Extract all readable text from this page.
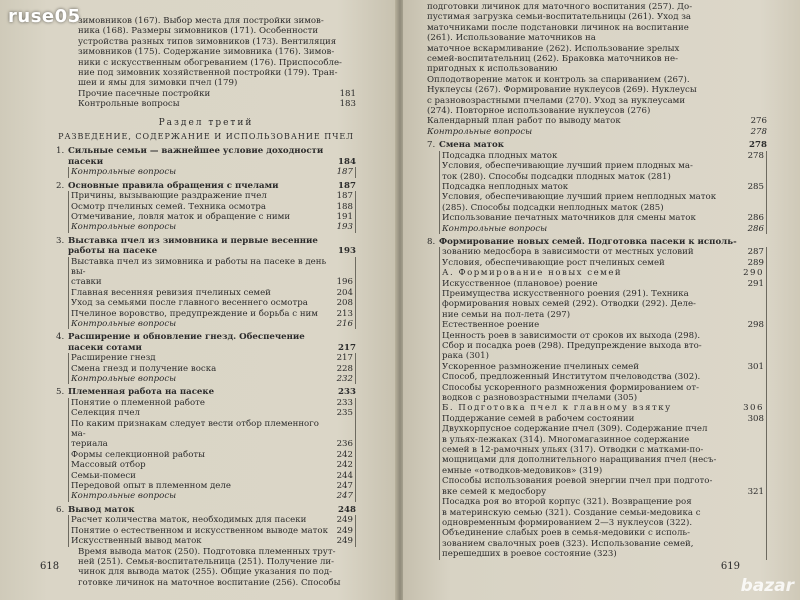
зимовников (167). Выбор места для постройки зимов-
ника (168). Размеры зимовников (171). Особенности
устройства разных типов зимовников (173). Вентиляция
зимовников (175). Содержание зимовника (176). Зимов-
ники с искусственным обогреванием (176). Приспособле-
ние под зимовник хозяйственной постройки (179). Тран-
шеи и ямы для зимовки пчел (179)
Прочие пасечные постройки	181
Контрольные вопросы	183
Раздел третий
РАЗВЕДЕНИЕ, СОДЕРЖАНИЕ И ИСПОЛЬЗОВАНИЕ ПЧЕЛ
1. Сильные семьи — важнейшее условие доходности пасеки	184
Контрольные вопросы	187
2. Основные правила обращения с пчелами	187
Причины, вызывающие раздражение пчел	187
Осмотр пчелиных семей. Техника осмотра	188
Отмечивание, ловля маток и обращение с ними	191
Контрольные вопросы	193
3. Выставка пчел из зимовника и первые весенние работы на пасеке	193
Выставка пчел из зимовника и работы на пасеке в день вы-
ставки	196
Главная весенняя ревизия пчелиных семей	204
Уход за семьями после главного весеннего осмотра	208
Пчелиное воровство, предупреждение и борьба с ним	213
Контрольные вопросы	216
4. Расширение и обновление гнезд. Обеспечение пасеки сотами	217
Расширение гнезд	217
Смена гнезд и получение воска	228
Контрольные вопросы	232
5. Племенная работа на пасеке	233
Понятие о племенной работе	233
Селекция пчел	235
По каким признакам следует вести отбор племенного ма-
териала	236
Формы селекционной работы	242
Массовый отбор	242
Семьи-помеси	244
Передовой опыт в племенном деле	247
Контрольные вопросы	247
6. Вывод маток	248
Расчет количества маток, необходимых для пасеки	249
Понятие о естественном и искусственном выводе маток	249
Искусственный вывод маток	249
Время вывода маток (250). Подготовка племенных трут-
ней (251). Семья-воспитательница (251). Получение ли-
чинок для вывода маток (255). Общие указания по под-
готовке личинок на маточное воспитание (256). Способы
618
подготовки личинок для маточного воспитания (257). До-
пустимая загрузка семьи-воспитательницы (261). Уход за
маточниками после подстановки личинок на воспитание
(261). Использование маточников на
маточное вскармливание (262). Использование зрелых
семей-воспитательниц (262). Браковка маточников не-
пригодных к использованию
Оплодотворение маток и контроль за спариванием (267).
Нуклеусы (267). Формирование нуклеусов (269). Нуклеусы
с разновозрастными пчелами (270). Уход за нуклеусами
(274). Повторное использование нуклеусов (276)
Календарный план работ по выводу маток	276
Контрольные вопросы	278
7. Смена маток	278
Подсадка плодных маток	278
Условия, обеспечивающие лучший прием плодных ма-
ток (280). Способы подсадки плодных маток (281)
Подсадка неплодных маток	285
Условия, обеспечивающие лучший прием неплодных маток
(285). Способы подсадки неплодных маток (285)
Использование печатных маточников для смены маток	286
Контрольные вопросы	286
8. Формирование новых семей. Подготовка пасеки к исполь-
зованию медосбора в зависимости от местных условий	287
Условия, обеспечивающие рост пчелиных семей	289
А. Формирование новых семей	290
Искусственное (плановое) роение	291
Преимущества искусственного роения (291). Техника
формирования новых семей (292). Отводки (292). Деле-
ние семьи на пол-лета (297)
Естественное роение	298
Ценность роев в зависимости от сроков их выхода (298).
Сбор и посадка роев (298). Предупреждение выхода вто-
рака (301)
Ускоренное размножение пчелиных семей	301
Способ, предложенный Институтом пчеловодства (302).
Способы ускоренного размножения формированием от-
водков с разновозрастными пчелами (305)
Б. Подготовка пчел к главному взятку	306
Поддержание семей в рабочем состоянии	308
Двухкорпусное содержание пчел (309). Содержание пчел
в ульях-лежаках (314). Многомагазинное содержание
семей в 12-рамочных ульях (317). Отводки с матками-по-
мощницами для дополнительного наращивания пчел (несъ-
емные «отводков-медовиков» (319)
Способы использования роевой энергии пчел при подгото-
вке семей к медосбору	321
Посадка роя во второй корпус (321). Возвращение роя
в материнскую семью (321). Создание семьи-медовика с
одновременным формированием 2—3 нуклеусов (322).
Объединение слабых роев в семья-медовики с исполь-
зованием свалочных роев (323). Использование семей,
перешедших в роевое состояние (323)
619
ruse05
bazar
